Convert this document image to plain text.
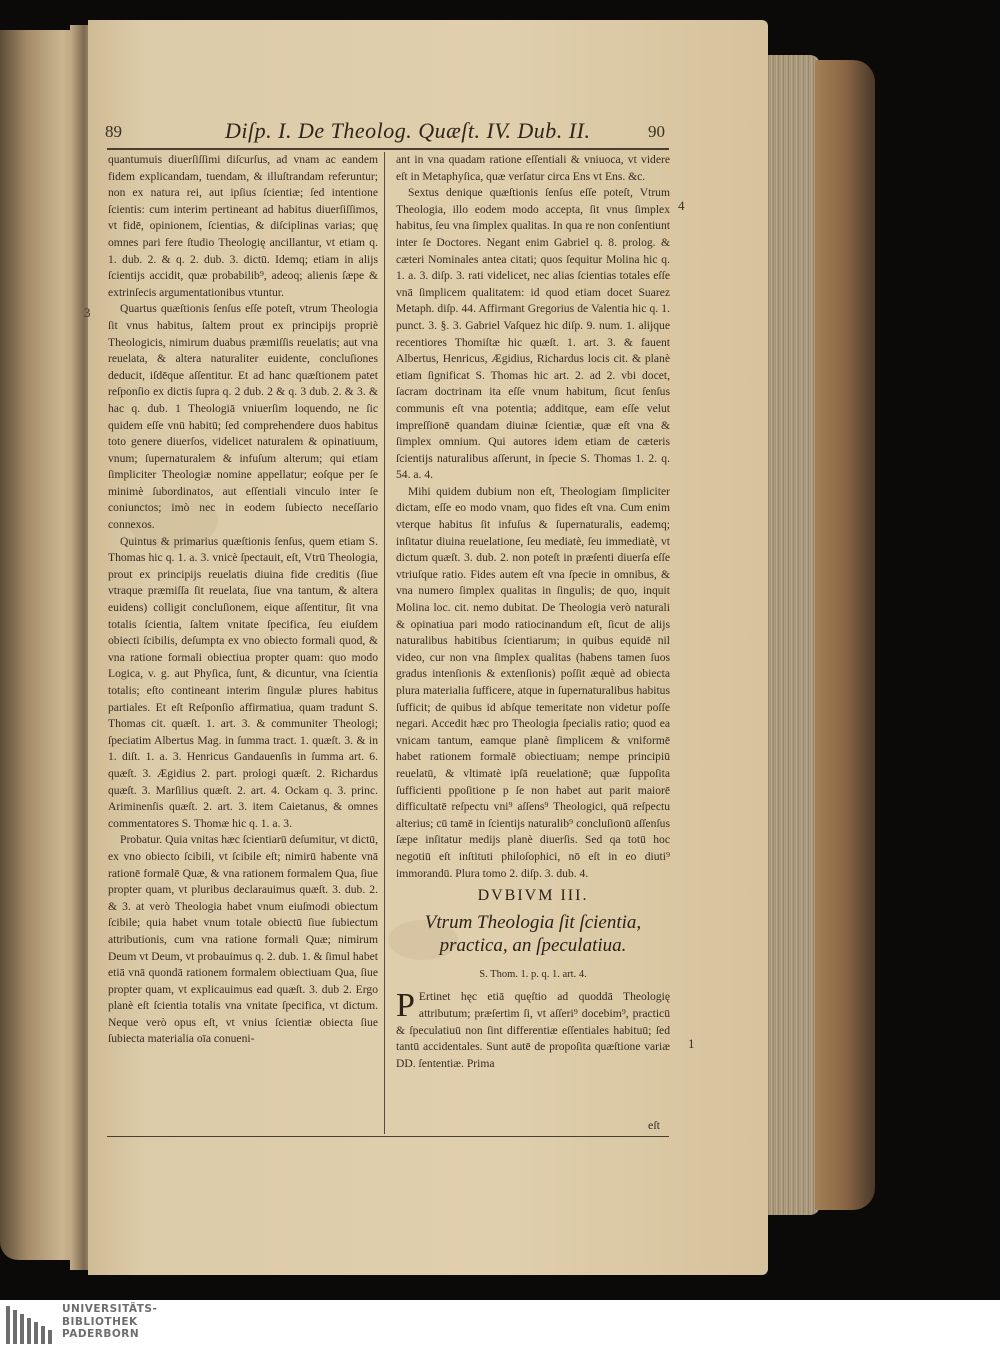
89	Diſp. I. De Theolog. Quæſt. IV. Dub. II.	90

quantumuis diuerſiſſimi diſcurſus, ad vnam ac eandem fidem explicandam, tuendam, & illuſtrandam referuntur; non ex natura rei, aut ipſius ſcientiæ; ſed intentione ſcientis: cum interim pertineant ad habitus diuerſiſſimos, vt fidē, opinionem, ſcientias, & diſciplinas varias; quę omnes pari fere ſtudio Theologię ancillantur, vt etiam q. 1. dub. 2. & q. 2. dub. 3. dictū. Idemq; etiam in alijs ſcientijs accidit, quæ probabilib⁹, adeoq; alienis ſæpe & extrinſecis argumentationibus vtuntur.

Quartus quæſtionis ſenſus eſſe poteſt, vtrum Theologia ſit vnus habitus, ſaltem prout ex principijs propriè Theologicis, nimirum duabus præmiſſis reuelatis; aut vna reuelata, & altera naturaliter euidente, concluſiones deducit, iſdēque aſſentitur. Et ad hanc quæſtionem patet reſponſio ex dictis ſupra q. 2 dub. 2 & q. 3 dub. 2. & 3. & hac q. dub. 1 Theologiā vniuerſim loquendo, ne ſic quidem eſſe vnū habitū; ſed comprehendere duos habitus toto genere diuerſos, videlicet naturalem & opinatiuum, vnum; ſupernaturalem & infuſum alterum; qui etiam ſimpliciter Theologiæ nomine appellatur; eoſque per ſe minimè ſubordinatos, aut eſſentiali vinculo inter ſe coniunctos; imò nec in eodem ſubiecto neceſſario connexos.

Quintus & primarius quæſtionis ſenſus, quem etiam S. Thomas hic q. 1. a. 3. vnicè ſpectauit, eſt, Vtrū Theologia, prout ex principijs reuelatis diuina fide creditis (ſiue vtraque præmiſſa ſit reuelata, ſiue vna tantum, & altera euidens) colligit concluſionem, eique aſſentitur, ſit vna totalis ſcientia, ſaltem vnitate ſpecifica, ſeu eiuſdem obiecti ſcibilis, deſumpta ex vno obiecto formali quod, & vna ratione formali obiectiua propter quam: quo modo Logica, v. g. aut Phyſica, ſunt, & dicuntur, vna ſcientia totalis; eſto contineant interim ſingulæ plures habitus partiales. Et eſt Reſponſio affirmatiua, quam tradunt S. Thomas cit. quæſt. 1. art. 3. & communiter Theologi; ſpeciatim Albertus Mag. in ſumma tract. 1. quæſt. 3. & in 1. diſt. 1. a. 3. Henricus Gandauenſis in ſumma art. 6. quæſt. 3. Ægidius 2. part. prologi quæſt. 2. Richardus quæſt. 3. Marſilius quæſt. 2. art. 4. Ockam q. 3. princ. Ariminenſis quæſt. 2. art. 3. item Caietanus, & omnes commentatores S. Thomæ hic q. 1. a. 3.

Probatur. Quia vnitas hæc ſcientiarū deſumitur, vt dictū, ex vno obiecto ſcibili, vt ſcibile eſt; nimirū habente vnā rationē formalē Quæ, & vna rationem formalem Qua, ſiue propter quam, vt pluribus declarauimus quæſt. 3. dub. 2. & 3. at verò Theologia habet vnum eiuſmodi obiectum ſcibile; quia habet vnum totale obiectū ſiue ſubiectum attributionis, cum vna ratione formali Quæ; nimirum Deum vt Deum, vt probauimus q. 2. dub. 1. & ſimul habet etiā vnā quondā rationem formalem obiectiuam Qua, ſiue propter quam, vt explicauimus ead quæſt. 3. dub 2. Ergo planè eſt ſcientia totalis vna vnitate ſpecifica, vt dictum. Neque verò opus eſt, vt vnius ſcientiæ obiecta ſiue ſubiecta materialia oīa conueni-

ant in vna quadam ratione eſſentiali & vniuoca, vt videre eſt in Metaphyſica, quæ verſatur circa Ens vt Ens. &c.

Sextus denique quæſtionis ſenſus eſſe poteſt, Vtrum Theologia, illo eodem modo accepta, ſit vnus ſimplex habitus, ſeu vna ſimplex qualitas. In qua re non conſentiunt inter ſe Doctores. Negant enim Gabriel q. 8. prolog. & cæteri Nominales antea citati; quos ſequitur Molina hic q. 1. a. 3. diſp. 3. rati videlicet, nec alias ſcientias totales eſſe vnā ſimplicem qualitatem: id quod etiam docet Suarez Metaph. diſp. 44. Affirmant Gregorius de Valentia hic q. 1. punct. 3. §. 3. Gabriel Vaſquez hic diſp. 9. num. 1. alijque recentiores Thomiſtæ hic quæſt. 1. art. 3. & fauent Albertus, Henricus, Ægidius, Richardus locis cit. & planè etiam ſignificat S. Thomas hic art. 2. ad 2. vbi docet, ſacram doctrinam ita eſſe vnum habitum, ſicut ſenſus communis eſt vna potentia; additque, eam eſſe velut impreſſionē quandam diuinæ ſcientiæ, quæ eſt vna & ſimplex omnium. Qui autores idem etiam de cæteris ſcientijs naturalibus aſſerunt, in ſpecie S. Thomas 1. 2. q. 54. a. 4.

Mihi quidem dubium non eſt, Theologiam ſimpliciter dictam, eſſe eo modo vnam, quo fides eſt vna. Cum enim vterque habitus ſit infuſus & ſupernaturalis, eademq; inſitatur diuina reuelatione, ſeu mediatè, ſeu immediatè, vt dictum quæſt. 3. dub. 2. non poteſt in præſenti diuerſa eſſe vtriuſque ratio. Fides autem eſt vna ſpecie in omnibus, & vna numero ſimplex qualitas in ſingulis; de quo, inquit Molina loc. cit. nemo dubitat. De Theologia verò naturali & opinatiua pari modo ratiocinandum eſt, ſicut de alijs naturalibus habitibus ſcientiarum; in quibus equidē nil video, cur non vna ſimplex qualitas (habens tamen ſuos gradus intenſionis & extenſionis) poſſit æquè ad obiecta plura materialia ſufficere, atque in ſupernaturalibus habitus ſufficit; de quibus id abſque temeritate non videtur poſſe negari. Accedit hæc pro Theologia ſpecialis ratio; quod ea vnicam tantum, eamque planè ſimplicem & vniformē habet rationem formalē obiectiuam; nempe principiū reuelatū, & vltimatè ipſā reuelationē; quæ ſuppoſita ſufficienti ppoſitione p ſe non habet aut parit maiorē difficultatē reſpectu vni⁹ aſſens⁹ Theologici, quā reſpectu alterius; cū tamē in ſcientijs naturalib⁹ concluſionū aſſenſus ſæpe inſitatur medijs planè diuerſis. Sed qa totū hoc negotiū eſt inſtituti philoſophici, nō eſt in eo diuti⁹ immorandū. Plura tomo 2. diſp. 3. dub. 4.

DVBIVM III.
Vtrum Theologia ſit ſcientia, practica, an ſpeculatiua.
S. Thom. 1. p. q. 1. art. 4.

P Ertinet hęc etiā quęſtio ad quoddā Theologię attributum; præſertim ſi, vt aſſeri⁹ docebim⁹, practicū & ſpeculatiuū non ſint differentiæ eſſentiales habituū; ſed tantū accidentales. Sunt autē de propoſita quæſtione variæ DD. ſententiæ. Prima

eſt
3
4
1
UNIVERSITÄTS-
BIBLIOTHEK
PADERBORN
